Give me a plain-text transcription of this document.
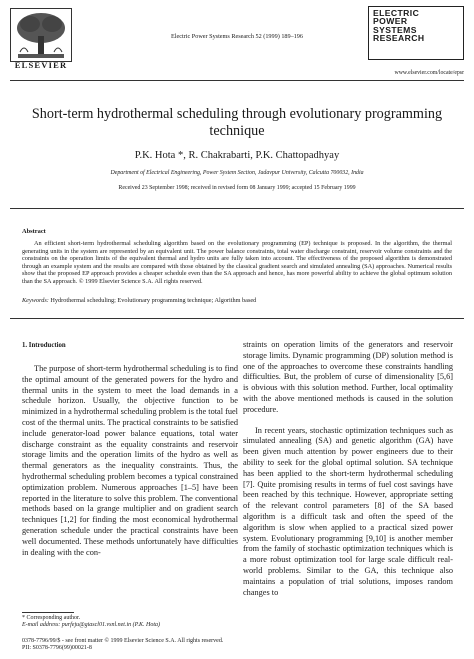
ELSEVIER
Electric Power Systems Research 52 (1999) 189–196
ELECTRIC
POWER
SYSTEMS
RESEARCH
www.elsevier.com/locate/epsr
Short-term hydrothermal scheduling through evolutionary programming technique
P.K. Hota *, R. Chakrabarti, P.K. Chattopadhyay
Department of Electrical Engineering, Power System Section, Jadavpur University, Calcutta 700032, India
Received 23 September 1998; received in revised form 08 January 1999; accepted 15 February 1999
Abstract
An efficient short-term hydrothermal scheduling algorithm based on the evolutionary programming (EP) technique is proposed. In the algorithm, the thermal generating units in the system are represented by an equivalent unit. The power balance constraints, total water discharge constraint, reservoir volume constraints and the constraints on the operation limits of the equivalent thermal and hydro units are fully taken into account. The effectiveness of the proposed algorithm is demonstrated through an example system and the results are compared with those obtained by the classical gradient search and simulated annealing (SA) approaches. Numerical results show that the proposed EP approach provides a cheaper schedule even than the SA approach and hence, has more powerful ability to achieve the global optimum solution than the SA approach. © 1999 Elsevier Science S.A. All rights reserved.
Keywords: Hydrothermal scheduling; Evolutionary programming technique; Algorithm based
1. Introduction
The purpose of short-term hydrothermal scheduling is to find the optimal amount of the generated powers for the hydro and thermal units in the system to meet the load demands in a schedule horizon. Usually, the objective function to be minimized in a hydrothermal scheduling problem is the total fuel cost of the thermal units. The practical constraints to be satisfied include generator-load power balance equations, total water discharge constraint as the equality constraints and reservoir storage limits and the operation limits of the hydro as well as thermal generators as the inequality constraints. Thus, the hydrothermal scheduling problem becomes a typical constrained optimization problem. Numerous approaches [1–5] have been reported in the literature to solve this problem. The conventional methods based on la grange multiplier and on gradient search techniques [1,2] for finding the most economical hydrothermal generation schedule under the practical constraints have been well documented. These methods unfortunately have difficulties in dealing with the con-

straints on operation limits of the generators and reservoir storage limits. Dynamic programming (DP) solution method is one of the approaches to overcome these constraints handling difficulties. But, the problem of curse of dimensionality [5,6] is obvious with this solution method. Further, local optimality with the above mentioned methods is caused in the solution procedure.

In recent years, stochastic optimization techniques such as simulated annealing (SA) and genetic algorithm (GA) have been given much attention by power engineers due to their ability to seek for the global optimal solution. SA technique has been applied to the short-term hydrothermal scheduling [7]. Quite promising results in terms of fuel cost savings have been reached by this technique. However, appropriate setting of the relevant control parameters [8] of the SA based algorithm is a difficult task and often the speed of the algorithm is slow when applied to a practical sized power system. Evolutionary programming [9,10] is another member from the family of stochastic optimization techniques which is a more robust optimization tool for large scale difficult real-world problems. Similar to the GA, this technique also maintains a population of trial solutions, imposes random changes to

* Corresponding author.
E-mail address: purfeju@giascl01.vsnl.net.in (P.K. Hota)
0378-7796/99/$ - see front matter © 1999 Elsevier Science S.A. All rights reserved.
PII: S0378-7796(99)00021-8
